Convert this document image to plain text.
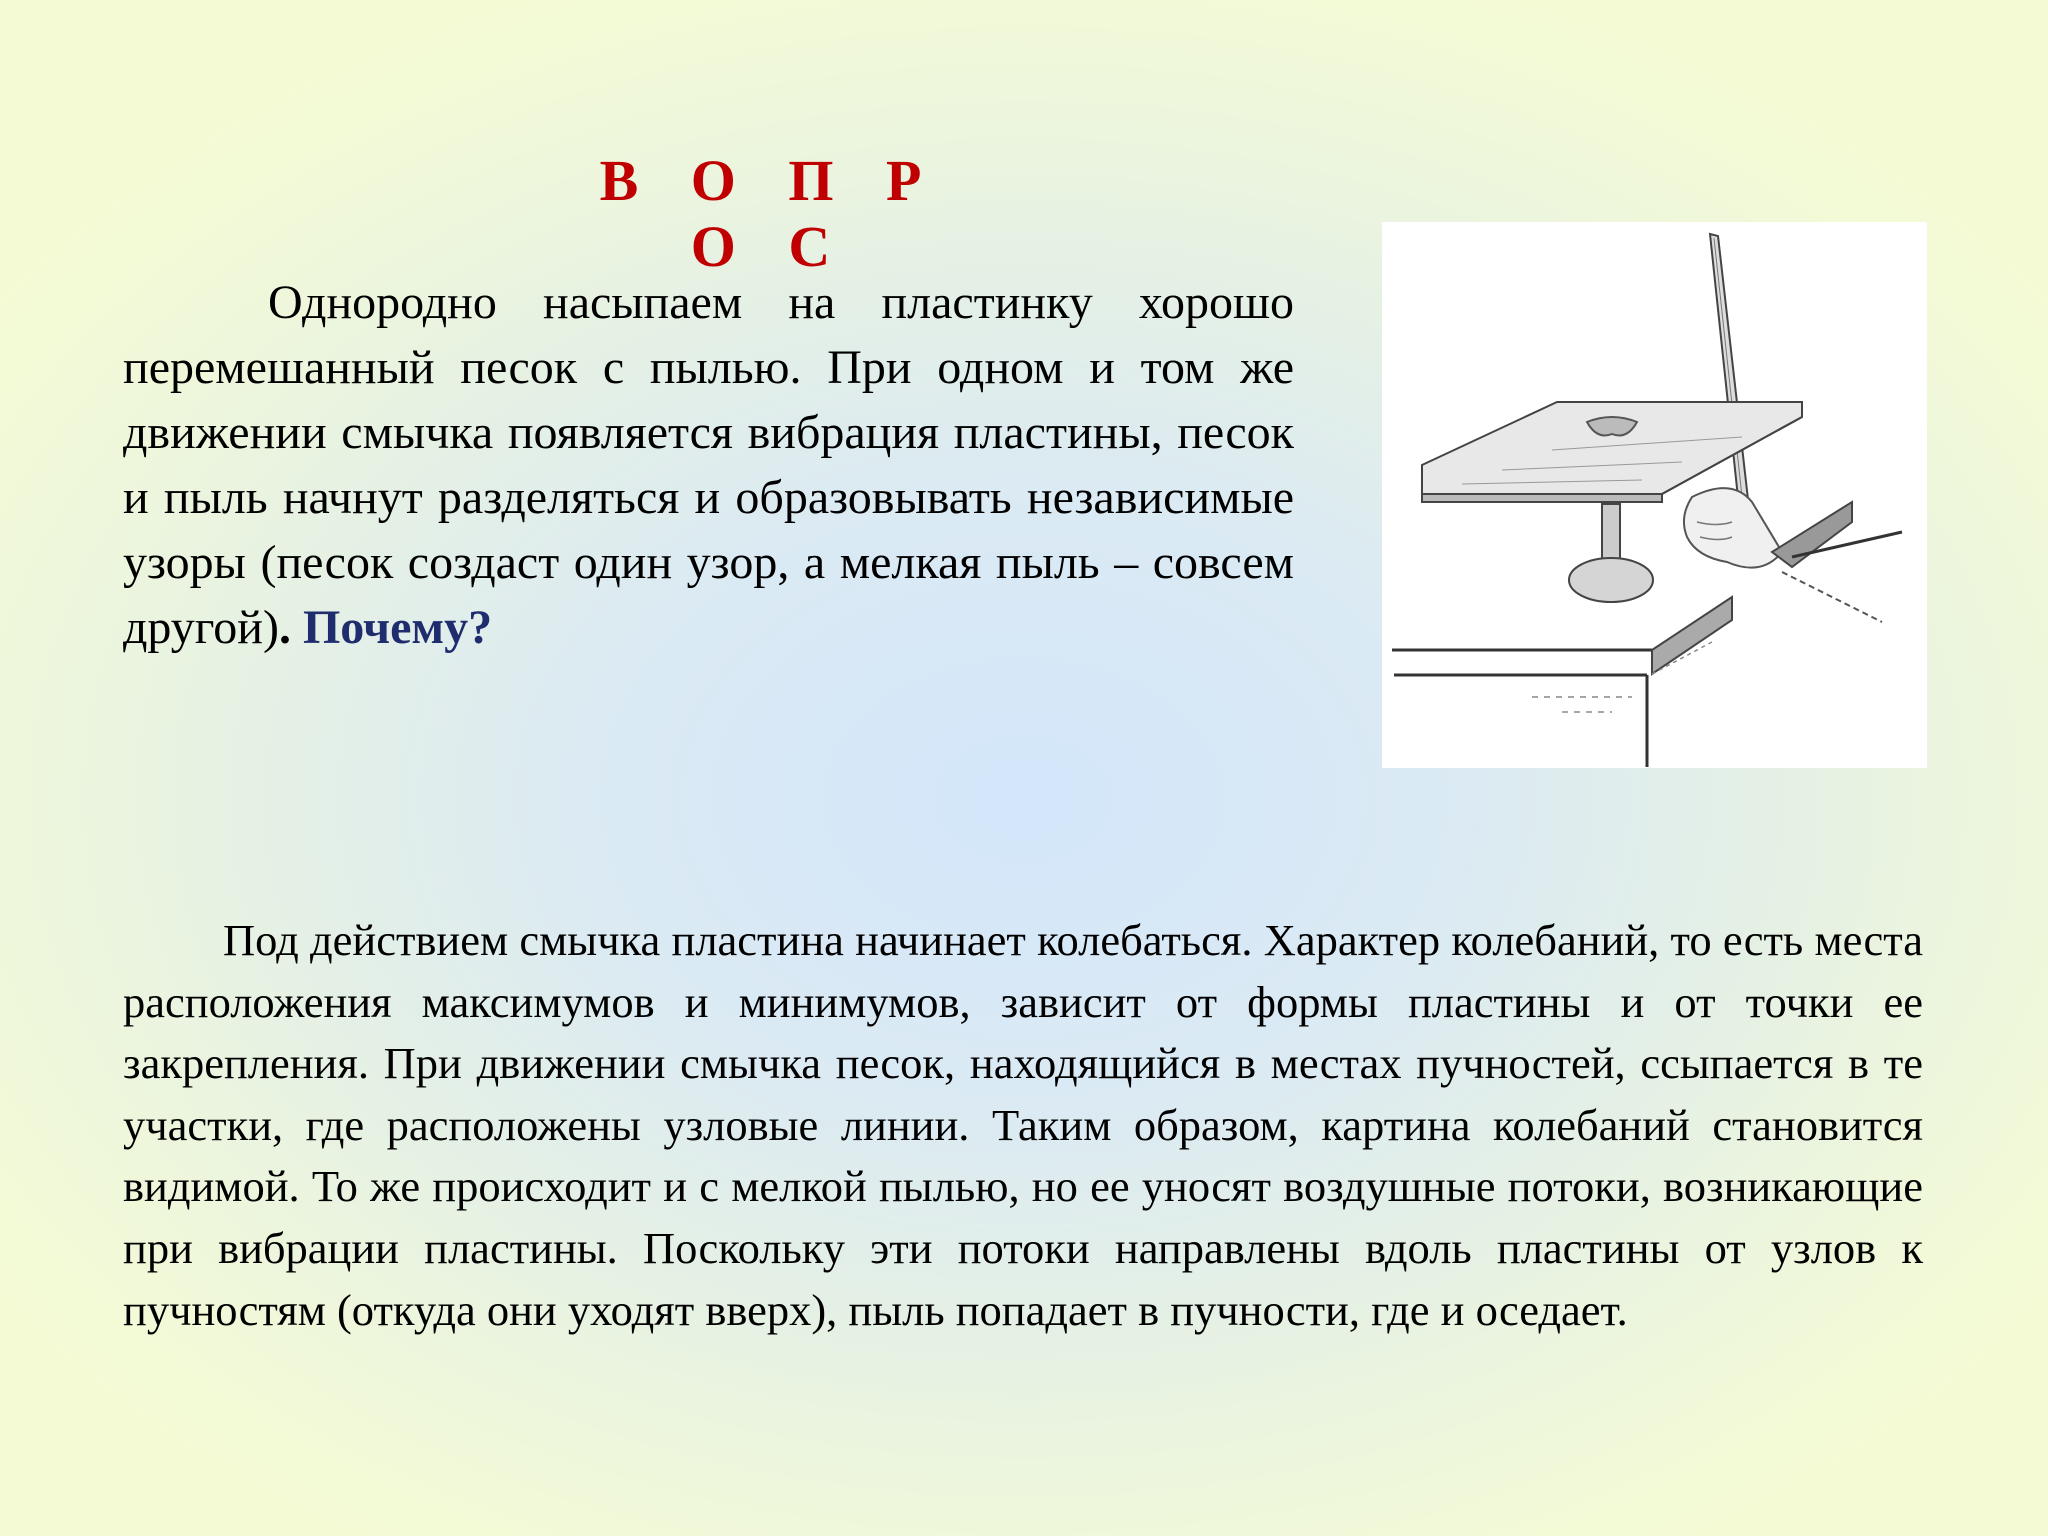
В О П Р О С
Однородно насыпаем на пластинку хорошо перемешанный песок с пылью. При одном и том же движении смычка появляется вибрация пластины, песок и пыль начнут разделяться и образовывать независимые узоры (песок создаст один узор, а мелкая пыль – совсем другой). Почему?
Под действием смычка пластина начинает колебаться. Характер колебаний, то есть места расположения максимумов и минимумов, зависит от формы пластины и от точки ее закрепления. При движении смычка песок, находящийся в местах пучностей, ссыпается в те участки, где расположены узловые линии. Таким образом, картина колебаний становится видимой. То же происходит и с мелкой пылью, но ее уносят воздушные потоки, возникающие при вибрации пластины. Поскольку эти потоки направлены вдоль пластины от узлов к пучностям (откуда они уходят вверх), пыль попадает в пучности, где и оседает.
